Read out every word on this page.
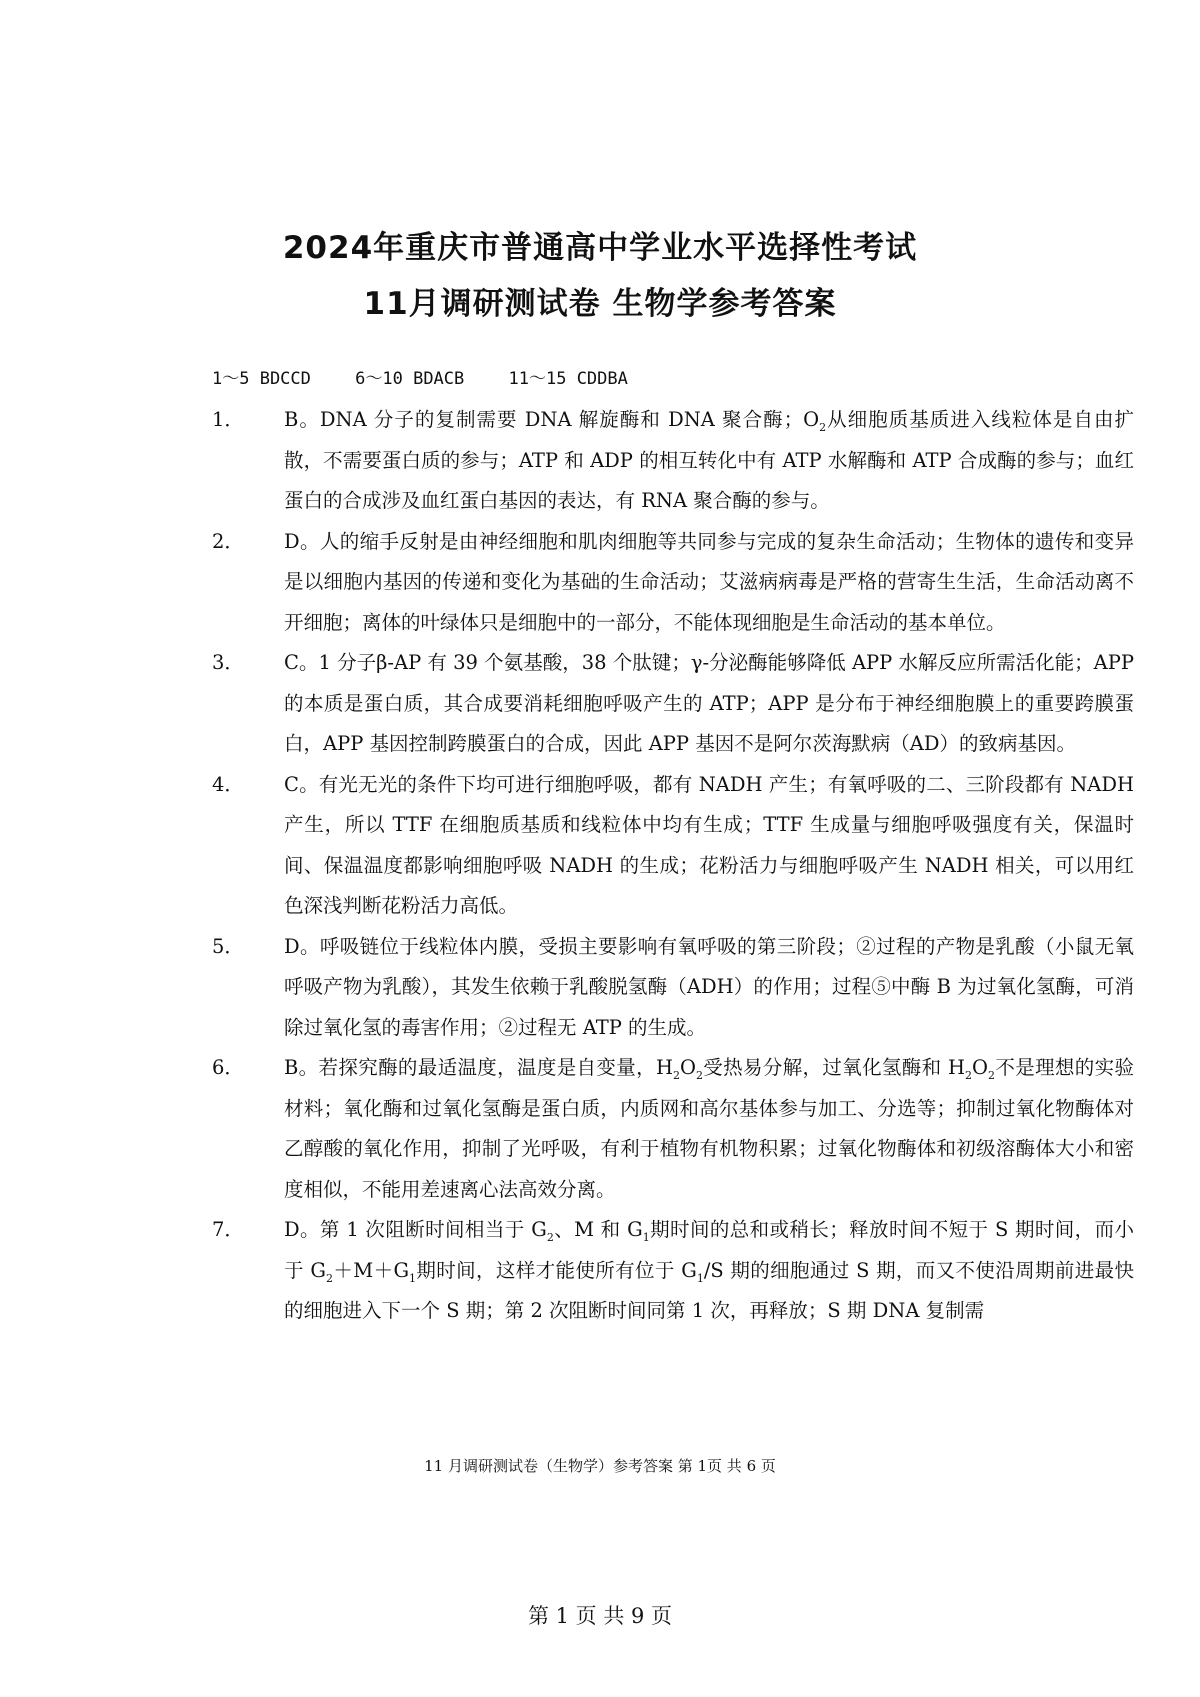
2024年重庆市普通高中学业水平选择性考试
11月调研测试卷 生物学参考答案
1～5 BDCCD	6～10 BDACB	11～15 CDDBA
1． B。DNA 分子的复制需要 DNA 解旋酶和 DNA 聚合酶；$O_2$从细胞质基质进入线粒体是自由扩散，不需要蛋白质的参与；ATP 和 ADP 的相互转化中有 ATP 水解酶和 ATP 合成酶的参与；血红蛋白的合成涉及血红蛋白基因的表达，有 RNA 聚合酶的参与。
2． D。人的缩手反射是由神经细胞和肌肉细胞等共同参与完成的复杂生命活动；生物体的遗传和变异是以细胞内基因的传递和变化为基础的生命活动；艾滋病病毒是严格的营寄生生活，生命活动离不开细胞；离体的叶绿体只是细胞中的一部分，不能体现细胞是生命活动的基本单位。
3． C。1 分子β-AP 有 39 个氨基酸，38 个肽键；γ-分泌酶能够降低 APP 水解反应所需活化能；APP 的本质是蛋白质，其合成要消耗细胞呼吸产生的 ATP；APP 是分布于神经细胞膜上的重要跨膜蛋白，APP 基因控制跨膜蛋白的合成，因此 APP 基因不是阿尔茨海默病（AD）的致病基因。
4． C。有光无光的条件下均可进行细胞呼吸，都有 NADH 产生；有氧呼吸的二、三阶段都有 NADH 产生，所以 TTF 在细胞质基质和线粒体中均有生成；TTF 生成量与细胞呼吸强度有关，保温时间、保温温度都影响细胞呼吸 NADH 的生成；花粉活力与细胞呼吸产生 NADH 相关，可以用红色深浅判断花粉活力高低。
5． D。呼吸链位于线粒体内膜，受损主要影响有氧呼吸的第三阶段；②过程的产物是乳酸（小鼠无氧呼吸产物为乳酸），其发生依赖于乳酸脱氢酶（ADH）的作用；过程⑤中酶 B 为过氧化氢酶，可消除过氧化氢的毒害作用；②过程无 ATP 的生成。
6． B。若探究酶的最适温度，温度是自变量，$H_2O_2$受热易分解，过氧化氢酶和 $H_2O_2$不是理想的实验材料；氧化酶和过氧化氢酶是蛋白质，内质网和高尔基体参与加工、分选等；抑制过氧化物酶体对乙醇酸的氧化作用，抑制了光呼吸，有利于植物有机物积累；过氧化物酶体和初级溶酶体大小和密度相似，不能用差速离心法高效分离。
7． D。第 1 次阻断时间相当于 $G_2$、M 和 $G_1$期时间的总和或稍长；释放时间不短于 S 期时间，而小于 $G_2+M+G_1$期时间，这样才能使所有位于 $G_1/S$ 期的细胞通过 S 期，而又不使沿周期前进最快的细胞进入下一个 S 期；第 2 次阻断时间同第 1 次，再释放；S 期 DNA 复制需
11 月调研测试卷（生物学）参考答案 第 1页 共 6 页
第 1 页 共 9 页
